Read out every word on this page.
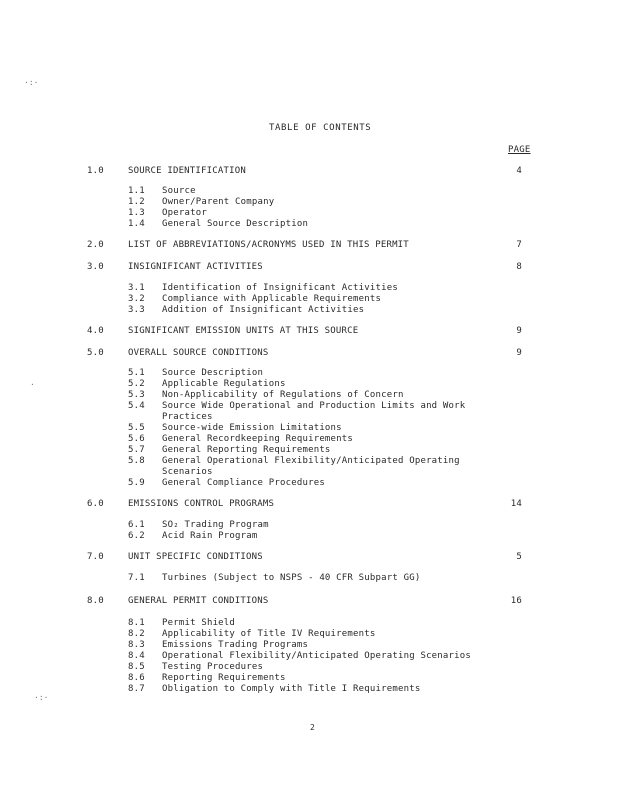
·:·
·
·:·
TABLE OF CONTENTS
PAGE
1.0	SOURCE IDENTIFICATION	4
1.1 Source
1.2 Owner/Parent Company
1.3 Operator
1.4 General Source Description
2.0	LIST OF ABBREVIATIONS/ACRONYMS USED IN THIS PERMIT	7
3.0	INSIGNIFICANT ACTIVITIES	8
3.1 Identification of Insignificant Activities
3.2 Compliance with Applicable Requirements
3.3 Addition of Insignificant Activities
4.0	SIGNIFICANT EMISSION UNITS AT THIS SOURCE	9
5.0	OVERALL SOURCE CONDITIONS	9
5.1 Source Description
5.2 Applicable Regulations
5.3 Non-Applicability of Regulations of Concern
5.4 Source Wide Operational and Production Limits and Work Practices
5.5 Source-wide Emission Limitations
5.6 General Recordkeeping Requirements
5.7 General Reporting Requirements
5.8 General Operational Flexibility/Anticipated Operating Scenarios
5.9 General Compliance Procedures
6.0	EMISSIONS CONTROL PROGRAMS	14
6.1 SO₂ Trading Program
6.2 Acid Rain Program
7.0	UNIT SPECIFIC CONDITIONS	5
7.1 Turbines (Subject to NSPS - 40 CFR Subpart GG)
8.0	GENERAL PERMIT CONDITIONS	16
8.1 Permit Shield
8.2 Applicability of Title IV Requirements
8.3 Emissions Trading Programs
8.4 Operational Flexibility/Anticipated Operating Scenarios
8.5 Testing Procedures
8.6 Reporting Requirements
8.7 Obligation to Comply with Title I Requirements
2
